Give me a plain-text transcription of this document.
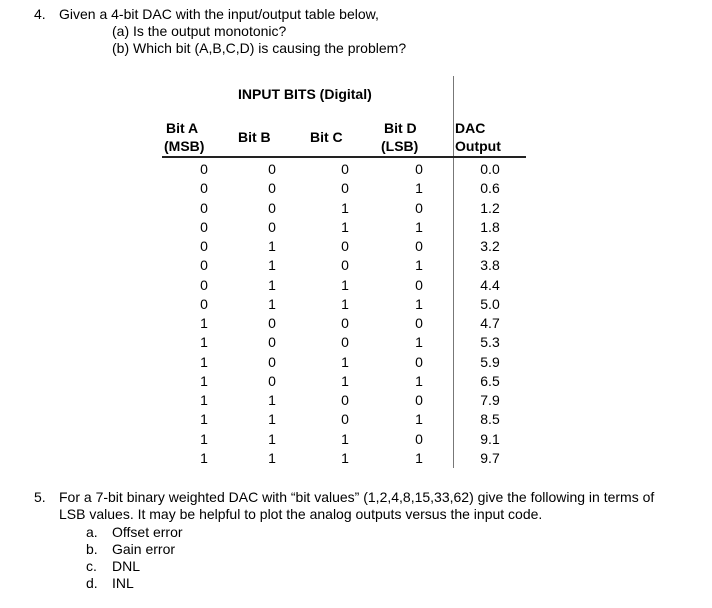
4. Given a 4-bit DAC with the input/output table below,
(a) Is the output monotonic?
(b) Which bit (A,B,C,D) is causing the problem?
INPUT BITS (Digital)
Bit A
(MSB)
Bit B	Bit C
Bit D
(LSB)
DAC
Output
0	0	0	0	0.0
0	0	0	1	0.6
0	0	1	0	1.2
0	0	1	1	1.8
0	1	0	0	3.2
0	1	0	1	3.8
0	1	1	0	4.4
0	1	1	1	5.0
1	0	0	0	4.7
1	0	0	1	5.3
1	0	1	0	5.9
1	0	1	1	6.5
1	1	0	0	7.9
1	1	0	1	8.5
1	1	1	0	9.1
1	1	1	1	9.7
5. For a 7-bit binary weighted DAC with “bit values” (1,2,4,8,15,33,62) give the following in terms of
LSB values. It may be helpful to plot the analog outputs versus the input code.
a. Offset error
b. Gain error
c. DNL
d. INL
